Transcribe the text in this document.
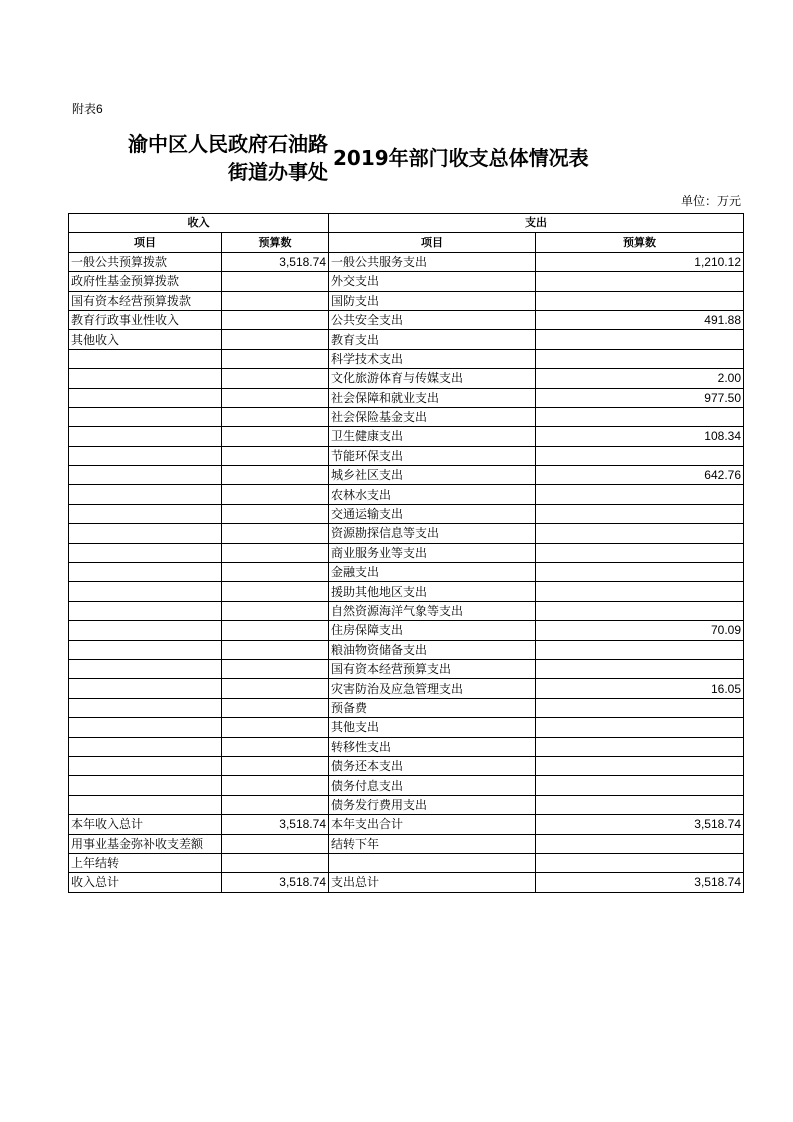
附表6
渝中区人民政府石油路
街道办事处
2019年部门收支总体情况表
单位：万元
收入		支出	
项目	预算数	项目	预算数
一般公共预算拨款	3,518.74	一般公共服务支出	1,210.12
政府性基金预算拨款		外交支出	
国有资本经营预算拨款		国防支出	
教育行政事业性收入		公共安全支出	491.88
其他收入		教育支出	
		科学技术支出	
		文化旅游体育与传媒支出	2.00
		社会保障和就业支出	977.50
		社会保险基金支出	
		卫生健康支出	108.34
		节能环保支出	
		城乡社区支出	642.76
		农林水支出	
		交通运输支出	
		资源勘探信息等支出	
		商业服务业等支出	
		金融支出	
		援助其他地区支出	
		自然资源海洋气象等支出	
		住房保障支出	70.09
		粮油物资储备支出	
		国有资本经营预算支出	
		灾害防治及应急管理支出	16.05
		预备费	
		其他支出	
		转移性支出	
		债务还本支出	
		债务付息支出	
		债务发行费用支出	
本年收入总计	3,518.74	本年支出合计	3,518.74
用事业基金弥补收支差额		结转下年	
上年结转			
收入总计	3,518.74	支出总计	3,518.74
